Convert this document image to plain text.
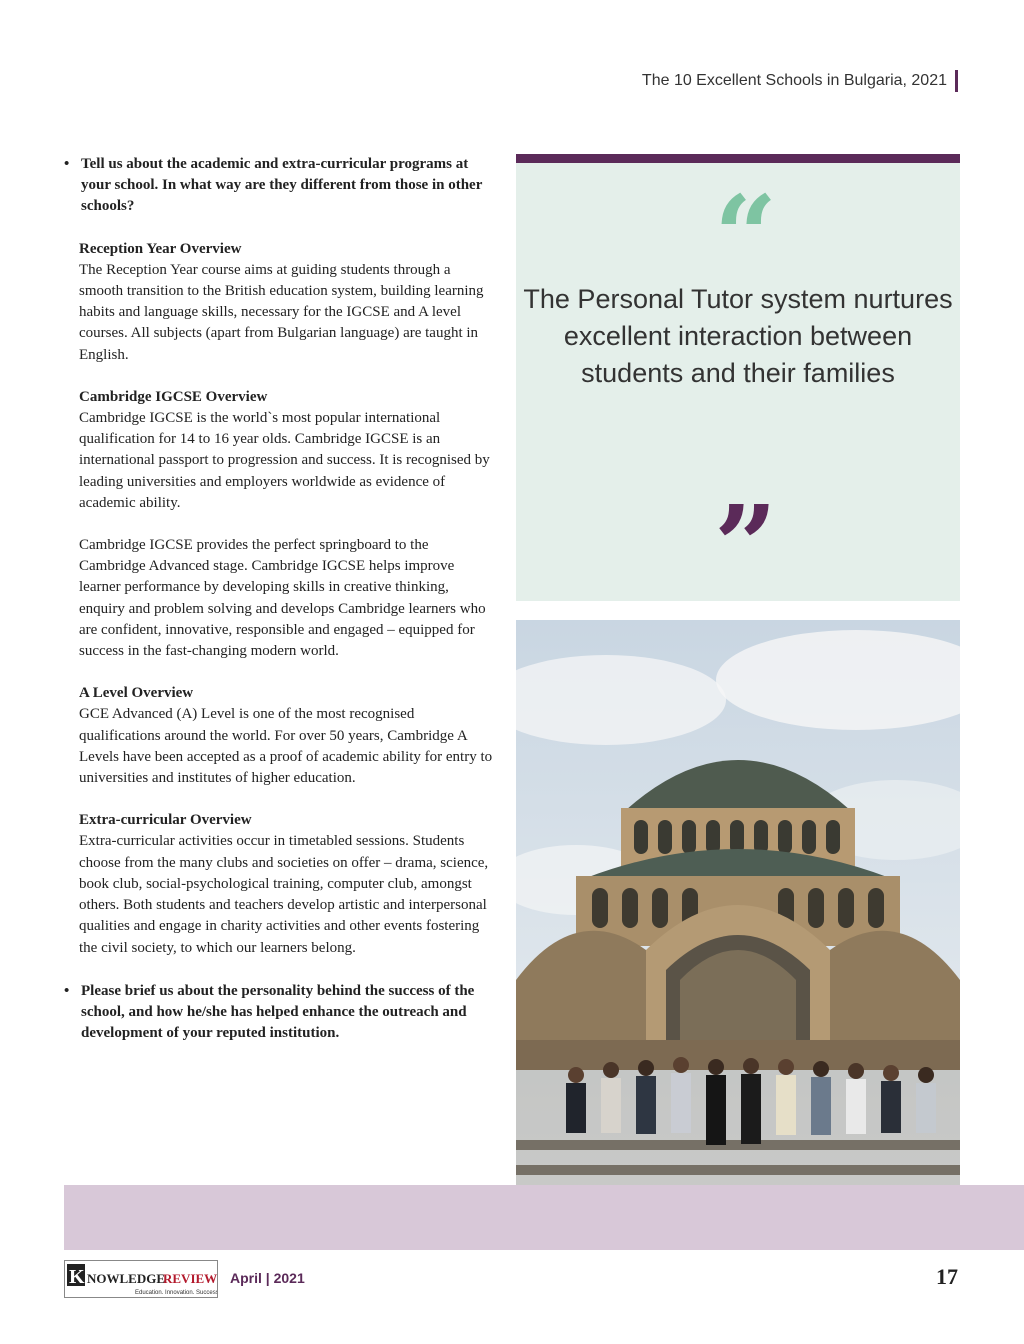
The 10 Excellent Schools in Bulgaria, 2021

• Tell us about the academic and extra-curricular programs at your school. In what way are they different from those in other schools?

Reception Year Overview

The Reception Year course aims at guiding students through a smooth transition to the British education system, building learning habits and language skills, necessary for the IGCSE and A level courses. All subjects (apart from Bulgarian language) are taught in English.

Cambridge IGCSE Overview

Cambridge IGCSE is the world`s most popular international qualification for 14 to 16 year olds. Cambridge IGCSE is an international passport to progression and success. It is recognised by leading universities and employers worldwide as evidence of academic ability.

Cambridge IGCSE provides the perfect springboard to the Cambridge Advanced stage. Cambridge IGCSE helps improve learner performance by developing skills in creative thinking, enquiry and problem solving and develops Cambridge learners who are confident, innovative, responsible and engaged – equipped for success in the fast-changing modern world.

A Level Overview

GCE Advanced (A) Level is one of the most recognised qualifications around the world. For over 50 years, Cambridge A Levels have been accepted as a proof of academic ability for entry to universities and institutes of higher education.

Extra-curricular Overview

Extra-curricular activities occur in timetabled sessions. Students choose from the many clubs and societies on offer – drama, science, book club, social-psychological training, computer club, amongst others. Both students and teachers develop artistic and interpersonal qualities and engage in charity activities and other events fostering the civil society, to which our learners belong.

• Please brief us about the personality behind the success of the school, and how he/she has helped enhance the outreach and development of your reputed institution.

“
The Personal Tutor system nurtures excellent interaction between students and their families
”
K NOWLEDGE
REVIEW
Education. Innovation. Success
April | 2021	17
